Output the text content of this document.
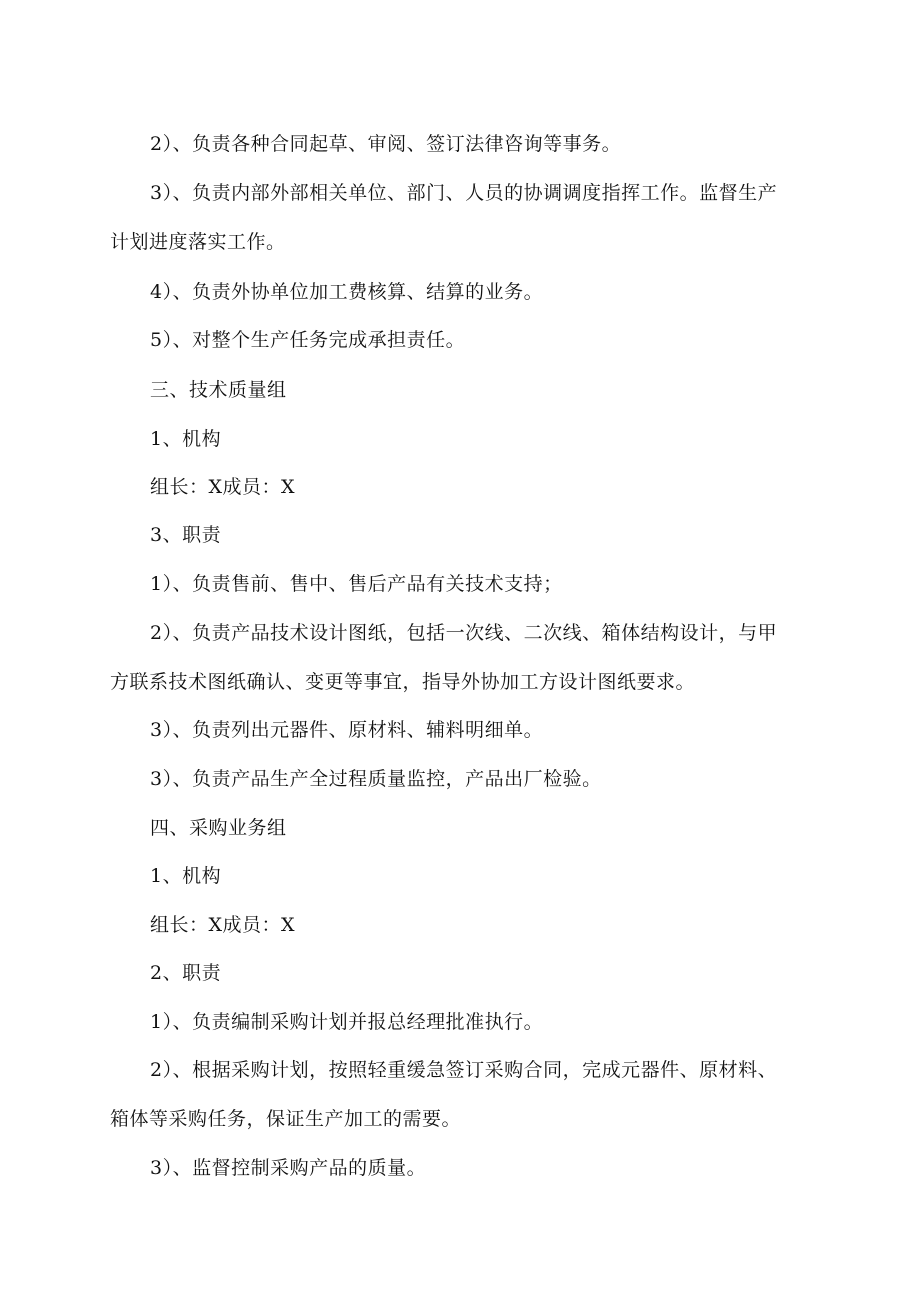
2）、负责各种合同起草、审阅、签订法律咨询等事务。
3）、负责内部外部相关单位、部门、人员的协调调度指挥工作。监督生产
计划进度落实工作。
4）、负责外协单位加工费核算、结算的业务。
5）、对整个生产任务完成承担责任。
三、技术质量组
1、机构
组长：X成员：X
3、职责
1）、负责售前、售中、售后产品有关技术支持；
2）、负责产品技术设计图纸，包括一次线、二次线、箱体结构设计，与甲
方联系技术图纸确认、变更等事宜，指导外协加工方设计图纸要求。
3）、负责列出元器件、原材料、辅料明细单。
3）、负责产品生产全过程质量监控，产品出厂检验。
四、采购业务组
1、机构
组长：X成员：X
2、职责
1）、负责编制采购计划并报总经理批准执行。
2）、根据采购计划，按照轻重缓急签订采购合同，完成元器件、原材料、
箱体等采购任务，保证生产加工的需要。
3）、监督控制采购产品的质量。
